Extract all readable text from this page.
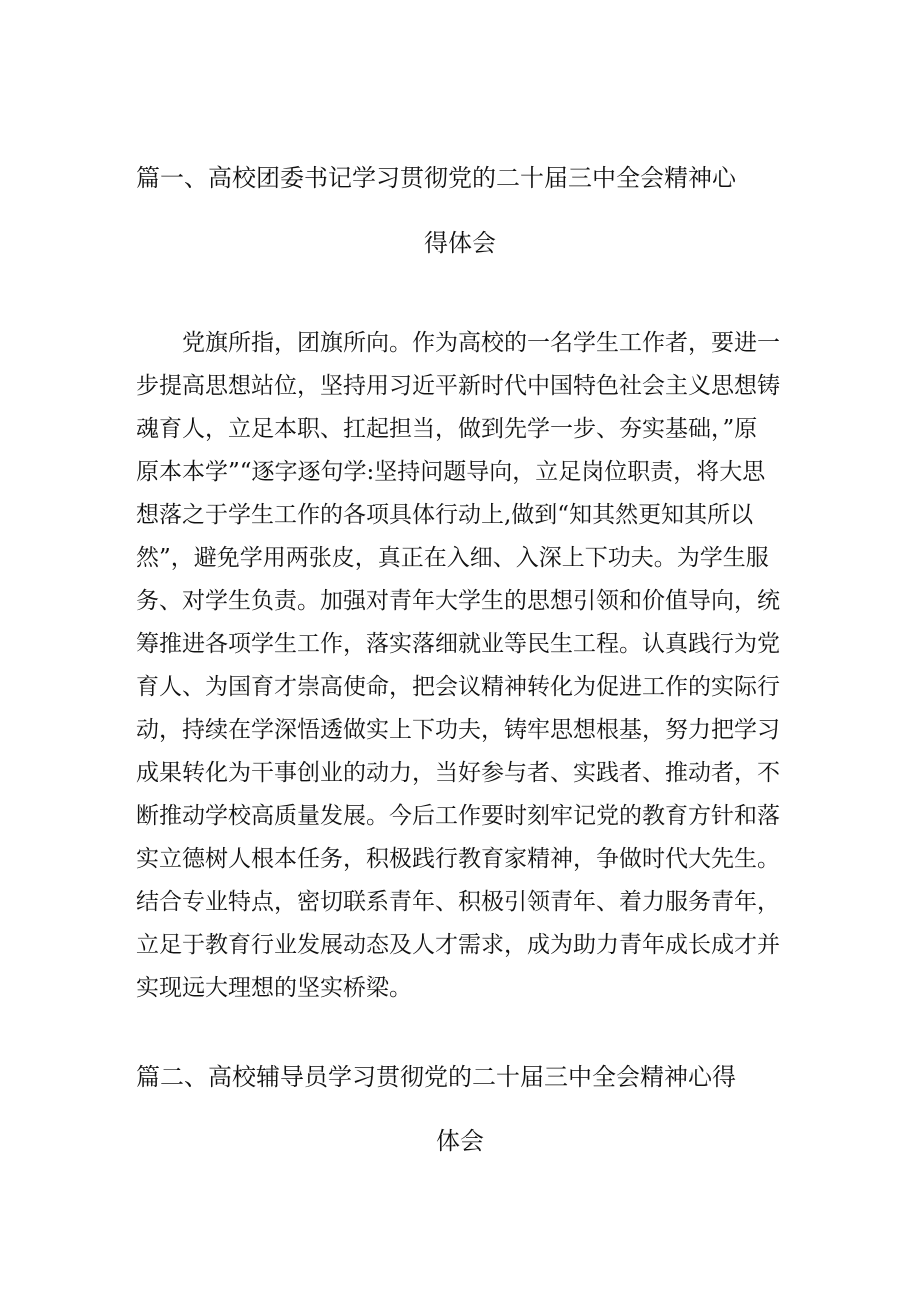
篇一、高校团委书记学习贯彻党的二十届三中全会精神心
得体会
　　党旗所指，团旗所向。作为高校的一名学生工作者，要进一
步提高思想站位，坚持用习近平新时代中国特色社会主义思想铸
魂育人，立足本职、扛起担当，做到先学一步、夯实基础，”原
原本本学”“逐字逐句学:坚持问题导向，立足岗位职责，将大思
想落之于学生工作的各项具体行动上,做到“知其然更知其所以
然”，避免学用两张皮，真正在入细、入深上下功夫。为学生服
务、对学生负责。加强对青年大学生的思想引领和价值导向，统
筹推进各项学生工作，落实落细就业等民生工程。认真践行为党
育人、为国育才崇高使命，把会议精神转化为促进工作的实际行
动，持续在学深悟透做实上下功夫，铸牢思想根基，努力把学习
成果转化为干事创业的动力，当好参与者、实践者、推动者，不
断推动学校高质量发展。今后工作要时刻牢记党的教育方针和落
实立德树人根本任务，积极践行教育家精神，争做时代大先生。
结合专业特点，密切联系青年、积极引领青年、着力服务青年，
立足于教育行业发展动态及人才需求，成为助力青年成长成才并
实现远大理想的坚实桥梁。
篇二、高校辅导员学习贯彻党的二十届三中全会精神心得
体会
